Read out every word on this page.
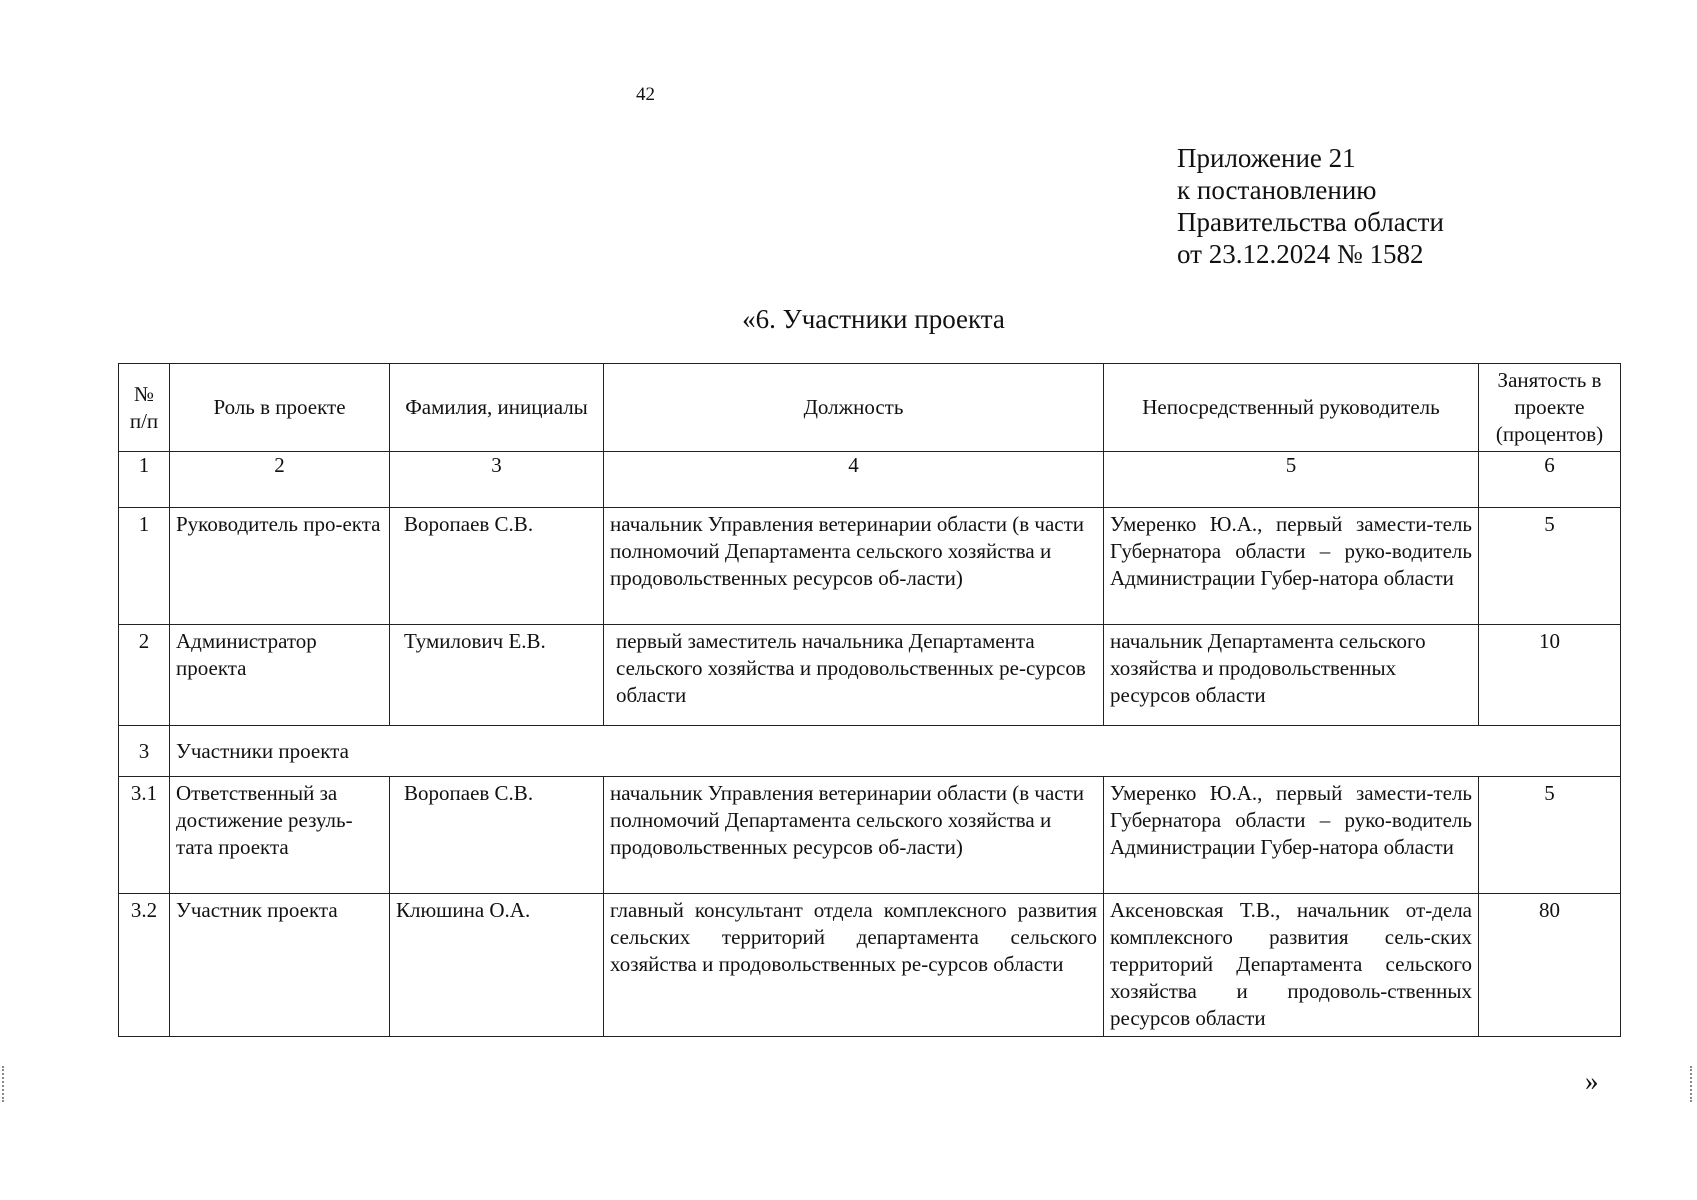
42
Приложение 21
к постановлению
Правительства области
от 23.12.2024 № 1582
«6. Участники проекта
№ п/п	Роль в проекте	Фамилия, инициалы	Должность	Непосредственный руководитель	Занятость в проекте (процентов)
1	2	3	4	5	6
1	Руководитель про-екта	Воропаев С.В.	начальник Управления ветеринарии области (в части полномочий Департамента сельского хозяйства и продовольственных ресурсов об-ласти)	Умеренко Ю.А., первый замести-тель Губернатора области – руко-водитель Администрации Губер-натора области	5
2	Администратор проекта	Тумилович Е.В.	первый заместитель начальника Департамента сельского хозяйства и продовольственных ре-сурсов области	начальник Департамента сельского хозяйства и продовольственных ресурсов области	10
3	Участники проекта				
3.1	Ответственный за достижение резуль-тата проекта	Воропаев С.В.	начальник Управления ветеринарии области (в части полномочий Департамента сельского хозяйства и продовольственных ресурсов об-ласти)	Умеренко Ю.А., первый замести-тель Губернатора области – руко-водитель Администрации Губер-натора области	5
3.2	Участник проекта	Клюшина О.А.	главный консультант отдела комплексного развития сельских территорий департамента сельского хозяйства и продовольственных ре-сурсов области	Аксеновская Т.В., начальник от-дела комплексного развития сель-ских территорий Департамента сельского хозяйства и продоволь-ственных ресурсов области	80
»
